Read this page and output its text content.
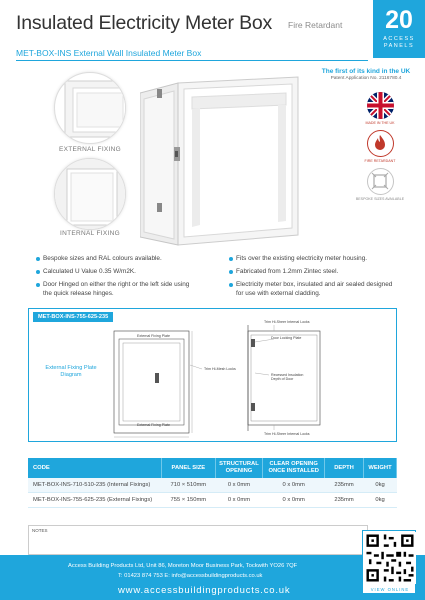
Insulated Electricity Meter Box Fire Retardant	20
ACCESS
PANELS
MET-BOX-INS External Wall Insulated Meter Box
EXTERNAL FIXING
INTERNAL FIXING
The first of its kind in the UK
Patent Application No. 2116780.4
MADE IN THE UK
FIRE RETARDANT
BESPOKE SIZES AVAILABLE
Bespoke sizes and RAL colours available.
Calculated U Value 0.35 W/m2K.
Door Hinged on either the right or the left side using the quick release hinges.
Fits over the existing electricity meter housing.
Fabricated from 1.2mm Zintec steel.
Electricity meter box, insulated and air sealed designed for use with external cladding.
MET-BOX-INS-755-625-235
External Fixing Plate Diagram
External Fixing Plate
External Fixing Plate
Trim Hi-Mesh Locks
Trim Hi-Sheer Internal Locks
Door Locking Plate
Recessed Insulation Depth of Door
Trim Hi-Sheer Internal Locks
CODE	PANEL SIZE	STRUCTURAL OPENING	CLEAR OPENING ONCE INSTALLED	DEPTH	WEIGHT
MET-BOX-INS-710-510-235 (Internal Fixings)	710 × 510mm	0 x 0mm	0 x 0mm	235mm	0kg
MET-BOX-INS-755-625-235 (External Fixings)	755 × 150mm	0 x 0mm	0 x 0mm	235mm	0kg
NOTES
Access Building Products Ltd, Unit 86, Moreton Moor Business Park, Tockwith YO26 7QF
T: 01423 874 753 E: info@accessbuildingproducts.co.uk
www.accessbuildingproducts.co.uk	VIEW ONLINE
